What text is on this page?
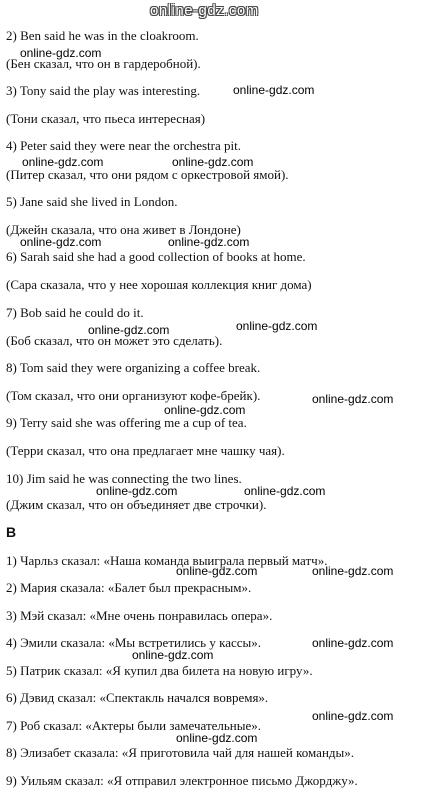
online-gdz.com
2) Ben said he was in the cloakroom.
(Бен сказал, что он в гардеробной).
3) Tony said the play was interesting.
(Тони сказал, что пьеса интересная)
4) Peter said they were near the orchestra pit.
(Питер сказал, что они рядом с оркестровой ямой).
5) Jane said she lived in London.
(Джейн сказала, что она живет в Лондоне)
6) Sarah said she had a good collection of books at home.
(Сара сказала, что у нее хорошая коллекция книг дома)
7) Bob said he could do it.
(Боб сказал, что он может это сделать).
8) Tom said they were organizing a coffee break.
(Том сказал, что они организуют кофе-брейк).
9) Terry said she was offering me a cup of tea.
(Терри сказал, что она предлагает мне чашку чая).
10) Jim said he was connecting the two lines.
(Джим сказал, что он объединяет две строчки).
B
1) Чарльз сказал: «Наша команда выиграла первый матч».
2) Мария сказала: «Балет был прекрасным».
3) Мэй сказал: «Мне очень понравилась опера».
4) Эмили сказала: «Мы встретились у кассы».
5) Патрик сказал: «Я купил два билета на новую игру».
6) Дэвид сказал: «Спектакль начался вовремя».
7) Роб сказал: «Актеры были замечательные».
8) Элизабет сказала: «Я приготовила чай для нашей команды».
9) Уильям сказал: «Я отправил электронное письмо Джорджу».
online-gdz.com
online-gdz.com
online-gdz.com	online-gdz.com
online-gdz.com	online-gdz.com
online-gdz.com	online-gdz.com
online-gdz.com
online-gdz.com
online-gdz.com	online-gdz.com
online-gdz.com	online-gdz.com
online-gdz.com
online-gdz.com
online-gdz.com
online-gdz.com
